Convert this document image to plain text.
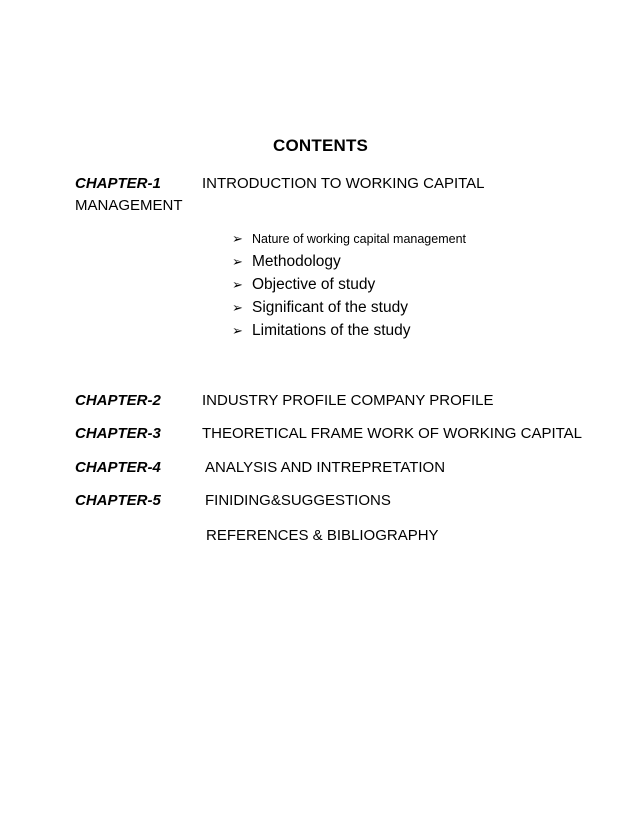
CONTENTS
CHAPTER-1	INTRODUCTION TO WORKING CAPITAL
MANAGEMENT
➢ Nature of working capital management
➢ Methodology
➢ Objective of study
➢ Significant of the study
➢ Limitations of the study
CHAPTER-2	INDUSTRY PROFILE COMPANY PROFILE
CHAPTER-3	THEORETICAL FRAME WORK OF WORKING CAPITAL
CHAPTER-4	ANALYSIS AND INTREPRETATION
CHAPTER-5	FINIDING&SUGGESTIONS
REFERENCES & BIBLIOGRAPHY
